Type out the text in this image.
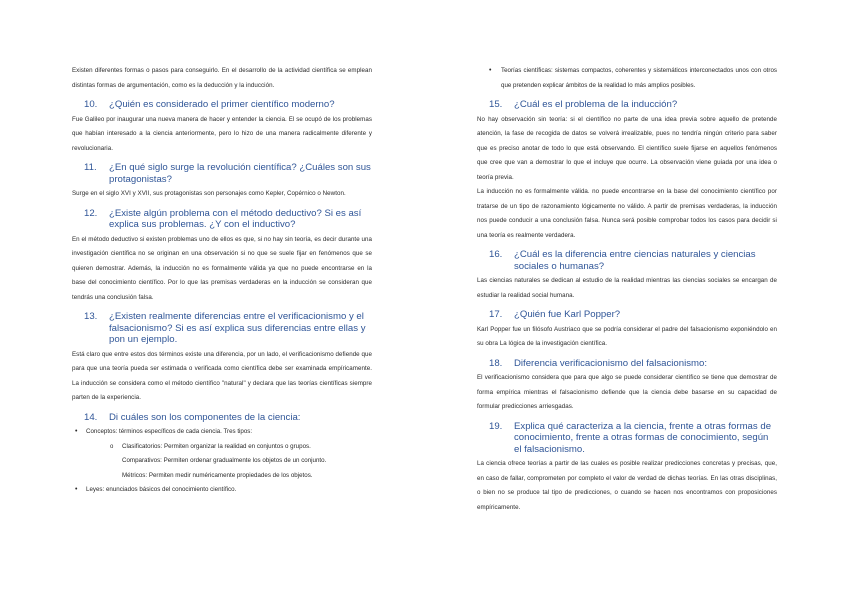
Existen diferentes formas o pasos para conseguirlo. En el desarrollo de la actividad científica se emplean distintas formas de argumentación, como es la deducción y la inducción.

10.	¿Quién es considerado el primer científico moderno?

Fue Galileo por inaugurar una nueva manera de hacer y entender la ciencia. El se ocupó de los problemas que habían interesado a la ciencia anteriormente, pero lo hizo de una manera radicalmente diferente y revolucionaria.

11.	¿En qué siglo surge la revolución científica? ¿Cuáles son sus protagonistas?

Surge en el siglo XVI y XVII, sus protagonistas son personajes como Kepler, Copérnico o Newton.

12.	¿Existe algún problema con el método deductivo? Si es así explica sus problemas. ¿Y con el inductivo?

En el método deductivo si existen problemas uno de ellos es que, si no hay sin teoría, es decir durante una investigación científica no se originan en una observación si no que se suele fijar en fenómenos que se quieren demostrar. Además, la inducción no es formalmente válida ya que no puede encontrarse en la base del conocimiento científico. Por lo que las premisas verdaderas en la inducción se consideran que tendrás una conclusión falsa.

13.	¿Existen realmente diferencias entre el verificacionismo y el falsacionismo? Si es así explica sus diferencias entre ellas y pon un ejemplo.

Está claro que entre estos dos términos existe una diferencia, por un lado, el verificacionismo defiende que para que una teoría pueda ser estimada o verificada como científica debe ser examinada empíricamente. La inducción se considera como el método científico "natural" y declara que las teorías científicas siempre parten de la experiencia.

14.	Di cuáles son los componentes de la ciencia:
• Conceptos: términos específicos de cada ciencia. Tres tipos:
o Clasificatorios: Permiten organizar la realidad en conjuntos o grupos.
Comparativos: Permiten ordenar gradualmente los objetos de un conjunto.
Métricos: Permiten medir numéricamente propiedades de los objetos.
• Leyes: enunciados básicos del conocimiento científico.
• Teorías científicas: sistemas compactos, coherentes y sistemáticos interconectados unos con otros que pretenden explicar ámbitos de la realidad lo más amplios posibles.
15.	¿Cuál es el problema de la inducción?

No hay observación sin teoría: si el científico no parte de una idea previa sobre aquello de pretende atención, la fase de recogida de datos se volverá irrealizable, pues no tendría ningún criterio para saber que es preciso anotar de todo lo que está observando. El científico suele fijarse en aquellos fenómenos que cree que van a demostrar lo que el incluye que ocurre. La observación viene guiada por una idea o teoría previa.

La inducción no es formalmente válida. no puede encontrarse en la base del conocimiento científico por tratarse de un tipo de razonamiento lógicamente no válido. A partir de premisas verdaderas, la inducción nos puede conducir a una conclusión falsa. Nunca será posible comprobar todos los casos para decidir si una teoría es realmente verdadera.

16.	¿Cuál es la diferencia entre ciencias naturales y ciencias sociales o humanas?

Las ciencias naturales se dedican al estudio de la realidad mientras las ciencias sociales se encargan de estudiar la realidad social humana.

17.	¿Quién fue Karl Popper?

Karl Popper fue un filósofo Austriaco que se podría considerar el padre del falsacionismo exponiéndolo en su obra La lógica de la investigación científica.

18.	Diferencia verificacionismo del falsacionismo:

El verificacionismo considera que para que algo se puede considerar científico se tiene que demostrar de forma empírica mientras el falsacionismo defiende que la ciencia debe basarse en su capacidad de formular predicciones arriesgadas.

19.	Explica qué caracteriza a la ciencia, frente a otras formas de conocimiento, frente a otras formas de conocimiento, según el falsacionismo.

La ciencia ofrece teorías a partir de las cuales es posible realizar predicciones concretas y precisas, que, en caso de fallar, comprometen por completo el valor de verdad de dichas teorías. En las otras disciplinas, o bien no se produce tal tipo de predicciones, o cuando se hacen nos encontramos con proposiciones empíricamente.
